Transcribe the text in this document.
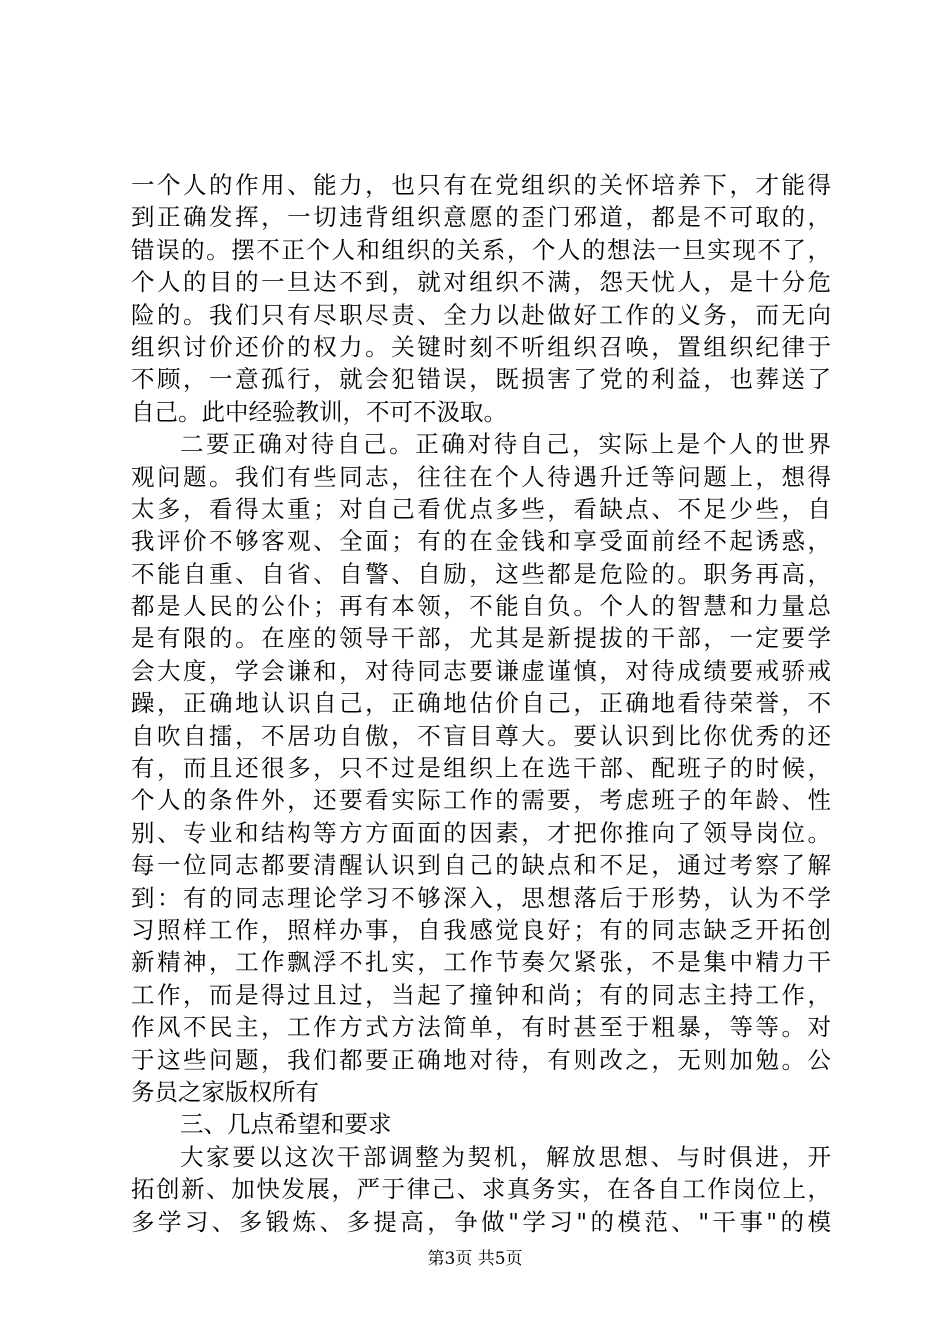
一个人的作用、能力，也只有在党组织的关怀培养下，才能得
到正确发挥，一切违背组织意愿的歪门邪道，都是不可取的，
错误的。摆不正个人和组织的关系，个人的想法一旦实现不了，
个人的目的一旦达不到，就对组织不满，怨天忧人，是十分危
险的。我们只有尽职尽责、全力以赴做好工作的义务，而无向
组织讨价还价的权力。关键时刻不听组织召唤，置组织纪律于
不顾，一意孤行，就会犯错误，既损害了党的利益，也葬送了
自己。此中经验教训，不可不汲取。
二要正确对待自己。正确对待自己，实际上是个人的世界
观问题。我们有些同志，往往在个人待遇升迁等问题上，想得
太多，看得太重；对自己看优点多些，看缺点、不足少些，自
我评价不够客观、全面；有的在金钱和享受面前经不起诱惑，
不能自重、自省、自警、自励，这些都是危险的。职务再高，
都是人民的公仆；再有本领，不能自负。个人的智慧和力量总
是有限的。在座的领导干部，尤其是新提拔的干部，一定要学
会大度，学会谦和，对待同志要谦虚谨慎，对待成绩要戒骄戒
躁，正确地认识自己，正确地估价自己，正确地看待荣誉，不
自吹自擂，不居功自傲，不盲目尊大。要认识到比你优秀的还
有，而且还很多，只不过是组织上在选干部、配班子的时候，
个人的条件外，还要看实际工作的需要，考虑班子的年龄、性
别、专业和结构等方方面面的因素，才把你推向了领导岗位。
每一位同志都要清醒认识到自己的缺点和不足，通过考察了解
到：有的同志理论学习不够深入，思想落后于形势，认为不学
习照样工作，照样办事，自我感觉良好；有的同志缺乏开拓创
新精神，工作飘浮不扎实，工作节奏欠紧张，不是集中精力干
工作，而是得过且过，当起了撞钟和尚；有的同志主持工作，
作风不民主，工作方式方法简单，有时甚至于粗暴，等等。对
于这些问题，我们都要正确地对待，有则改之，无则加勉。公
务员之家版权所有
三、几点希望和要求
大家要以这次干部调整为契机，解放思想、与时俱进，开
拓创新、加快发展，严于律己、求真务实，在各自工作岗位上，
多学习、多锻炼、多提高，争做"学习"的模范、"干事"的模
第3页 共5页
